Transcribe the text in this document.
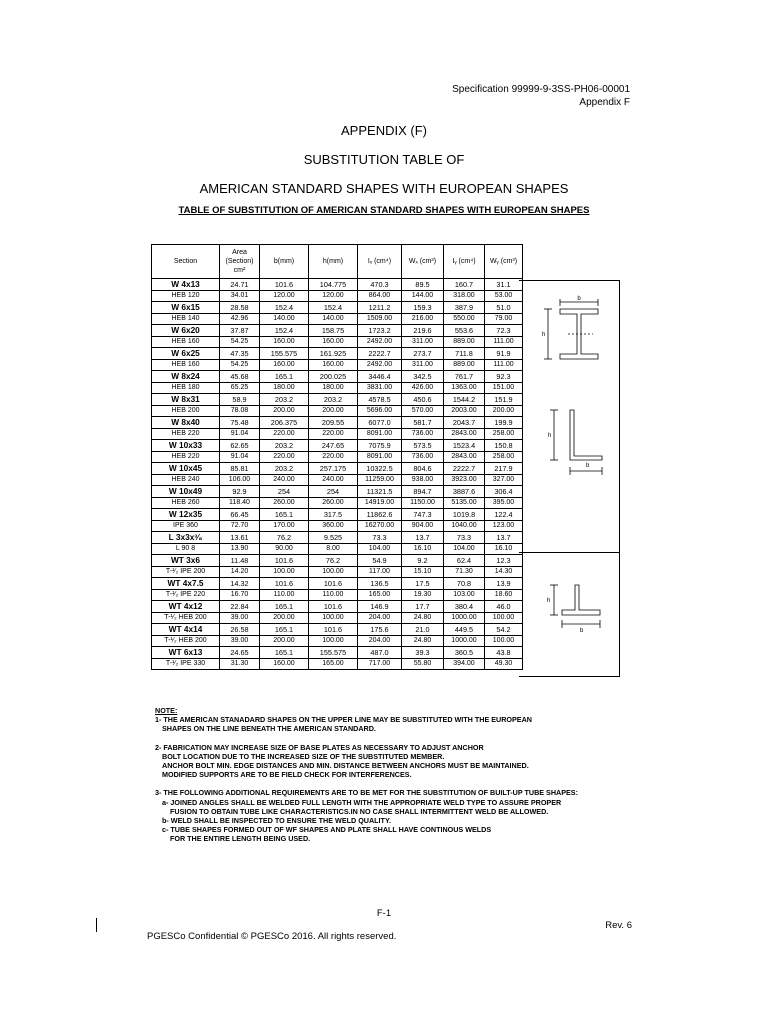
Specification 99999-9-3SS-PH06-00001
Appendix F
APPENDIX (F)
SUBSTITUTION TABLE OF
AMERICAN STANDARD SHAPES WITH EUROPEAN SHAPES
TABLE OF SUBSTITUTION OF AMERICAN STANDARD SHAPES WITH EUROPEAN SHAPES
Section	Area (Section) cm²	b(mm)	h(mm)	Iₓ (cm⁴)	Wₓ (cm³)	Iᵧ (cm⁴)	Wᵧ (cm³)
W 4x13	24.71	101.6	104.775	470.3	89.5	160.7	31.1
HEB 120	34.01	120.00	120.00	864.00	144.00	318.00	53.00
W 6x15	28.58	152.4	152.4	1211.2	159.3	387.9	51.0
HEB 140	42.96	140.00	140.00	1509.00	216.00	550.00	79.00
W 6x20	37.87	152.4	158.75	1723.2	219.6	553.6	72.3
HEB 160	54.25	160.00	160.00	2492.00	311.00	889.00	111.00
W 6x25	47.35	155.575	161.925	2222.7	273.7	711.8	91.9
HEB 160	54.25	160.00	160.00	2492.00	311.00	889.00	111.00
W 8x24	45.68	165.1	200.025	3446.4	342.5	761.7	92.3
HEB 180	65.25	180.00	180.00	3831.00	426.00	1363.00	151.00
W 8x31	58.9	203.2	203.2	4578.5	450.6	1544.2	151.9
HEB 200	78.08	200.00	200.00	5696.00	570.00	2003.00	200.00
W 8x40	75.48	206.375	209.55	6077.0	581.7	2043.7	199.9
HEB 220	91.04	220.00	220.00	8091.00	736.00	2843.00	258.00
W 10x33	62.65	203.2	247.65	7075.9	573.5	1523.4	150.8
HEB 220	91.04	220.00	220.00	8091.00	736.00	2843.00	258.00
W 10x45	85.81	203.2	257.175	10322.5	804.6	2222.7	217.9
HEB 240	106.00	240.00	240.00	11259.00	938.00	3923.00	327.00
W 10x49	92.9	254	254	11321.5	894.7	3887.6	306.4
HEB 260	118.40	260.00	260.00	14919.00	1150.00	5135.00	395.00
W 12x35	66.45	165.1	317.5	11862.6	747.3	1019.8	122.4
IPE 360	72.70	170.00	360.00	16270.00	904.00	1040.00	123.00
L 3x3x³⁄₈	13.61	76.2	9.525	73.3	13.7	73.3	13.7
L 90 8	13.90	90.00	8.00	104.00	16.10	104.00	16.10
WT 3x6	11.48	101.6	76.2	54.9	9.2	62.4	12.3
T-¹⁄₂ IPE 200	14.20	100.00	100.00	117.00	15.10	71.30	14.30
WT 4x7.5	14.32	101.6	101.6	136.5	17.5	70.8	13.9
T-¹⁄₂ IPE 220	16.70	110.00	110.00	165.00	19.30	103.00	18.60
WT 4x12	22.84	165.1	101.6	146.9	17.7	380.4	46.0
T-¹⁄₂ HEB 200	39.00	200.00	100.00	204.00	24.80	1000.00	100.00
WT 4x14	26.58	165.1	101.6	175.6	21.0	449.5	54.2
T-¹⁄₂ HEB 200	39.00	200.00	100.00	204.00	24.80	1000.00	100.00
WT 6x13	24.65	165.1	155.575	487.0	39.3	360.5	43.8
T-¹⁄₂ IPE 330	31.30	160.00	165.00	717.00	55.80	394.00	49.30
b
h
h
b
h
b

NOTE:

1- THE AMERICAN STANADARD SHAPES ON THE UPPER LINE MAY BE SUBSTITUTED WITH THE EUROPEAN

SHAPES ON THE LINE BENEATH THE AMERICAN STANDARD.

2- FABRICATION MAY INCREASE SIZE OF BASE PLATES AS NECESSARY TO ADJUST ANCHOR

BOLT LOCATION DUE TO THE INCREASED SIZE OF THE SUBSTITUTED MEMBER.

ANCHOR BOLT MIN. EDGE DISTANCES AND MIN. DISTANCE BETWEEN ANCHORS MUST BE MAINTAINED.

MODIFIED SUPPORTS ARE TO BE FIELD CHECK FOR INTERFERENCES.

3- THE FOLLOWING ADDITIONAL REQUIREMENTS ARE TO BE MET FOR THE SUBSTITUTION OF BUILT-UP TUBE SHAPES:

a- JOINED ANGLES SHALL BE WELDED FULL LENGTH WITH THE APPROPRIATE WELD TYPE TO ASSURE PROPER

FUSION TO OBTAIN TUBE LIKE CHARACTERISTICS.IN NO CASE SHALL INTERMITTENT WELD BE ALLOWED.

b- WELD SHALL BE INSPECTED TO ENSURE THE WELD QUALITY.

c- TUBE SHAPES FORMED OUT OF WF SHAPES AND PLATE SHALL HAVE CONTINOUS WELDS

FOR THE ENTIRE LENGTH BEING USED.

F-1
Rev. 6
PGESCo Confidential © PGESCo 2016. All rights reserved.
